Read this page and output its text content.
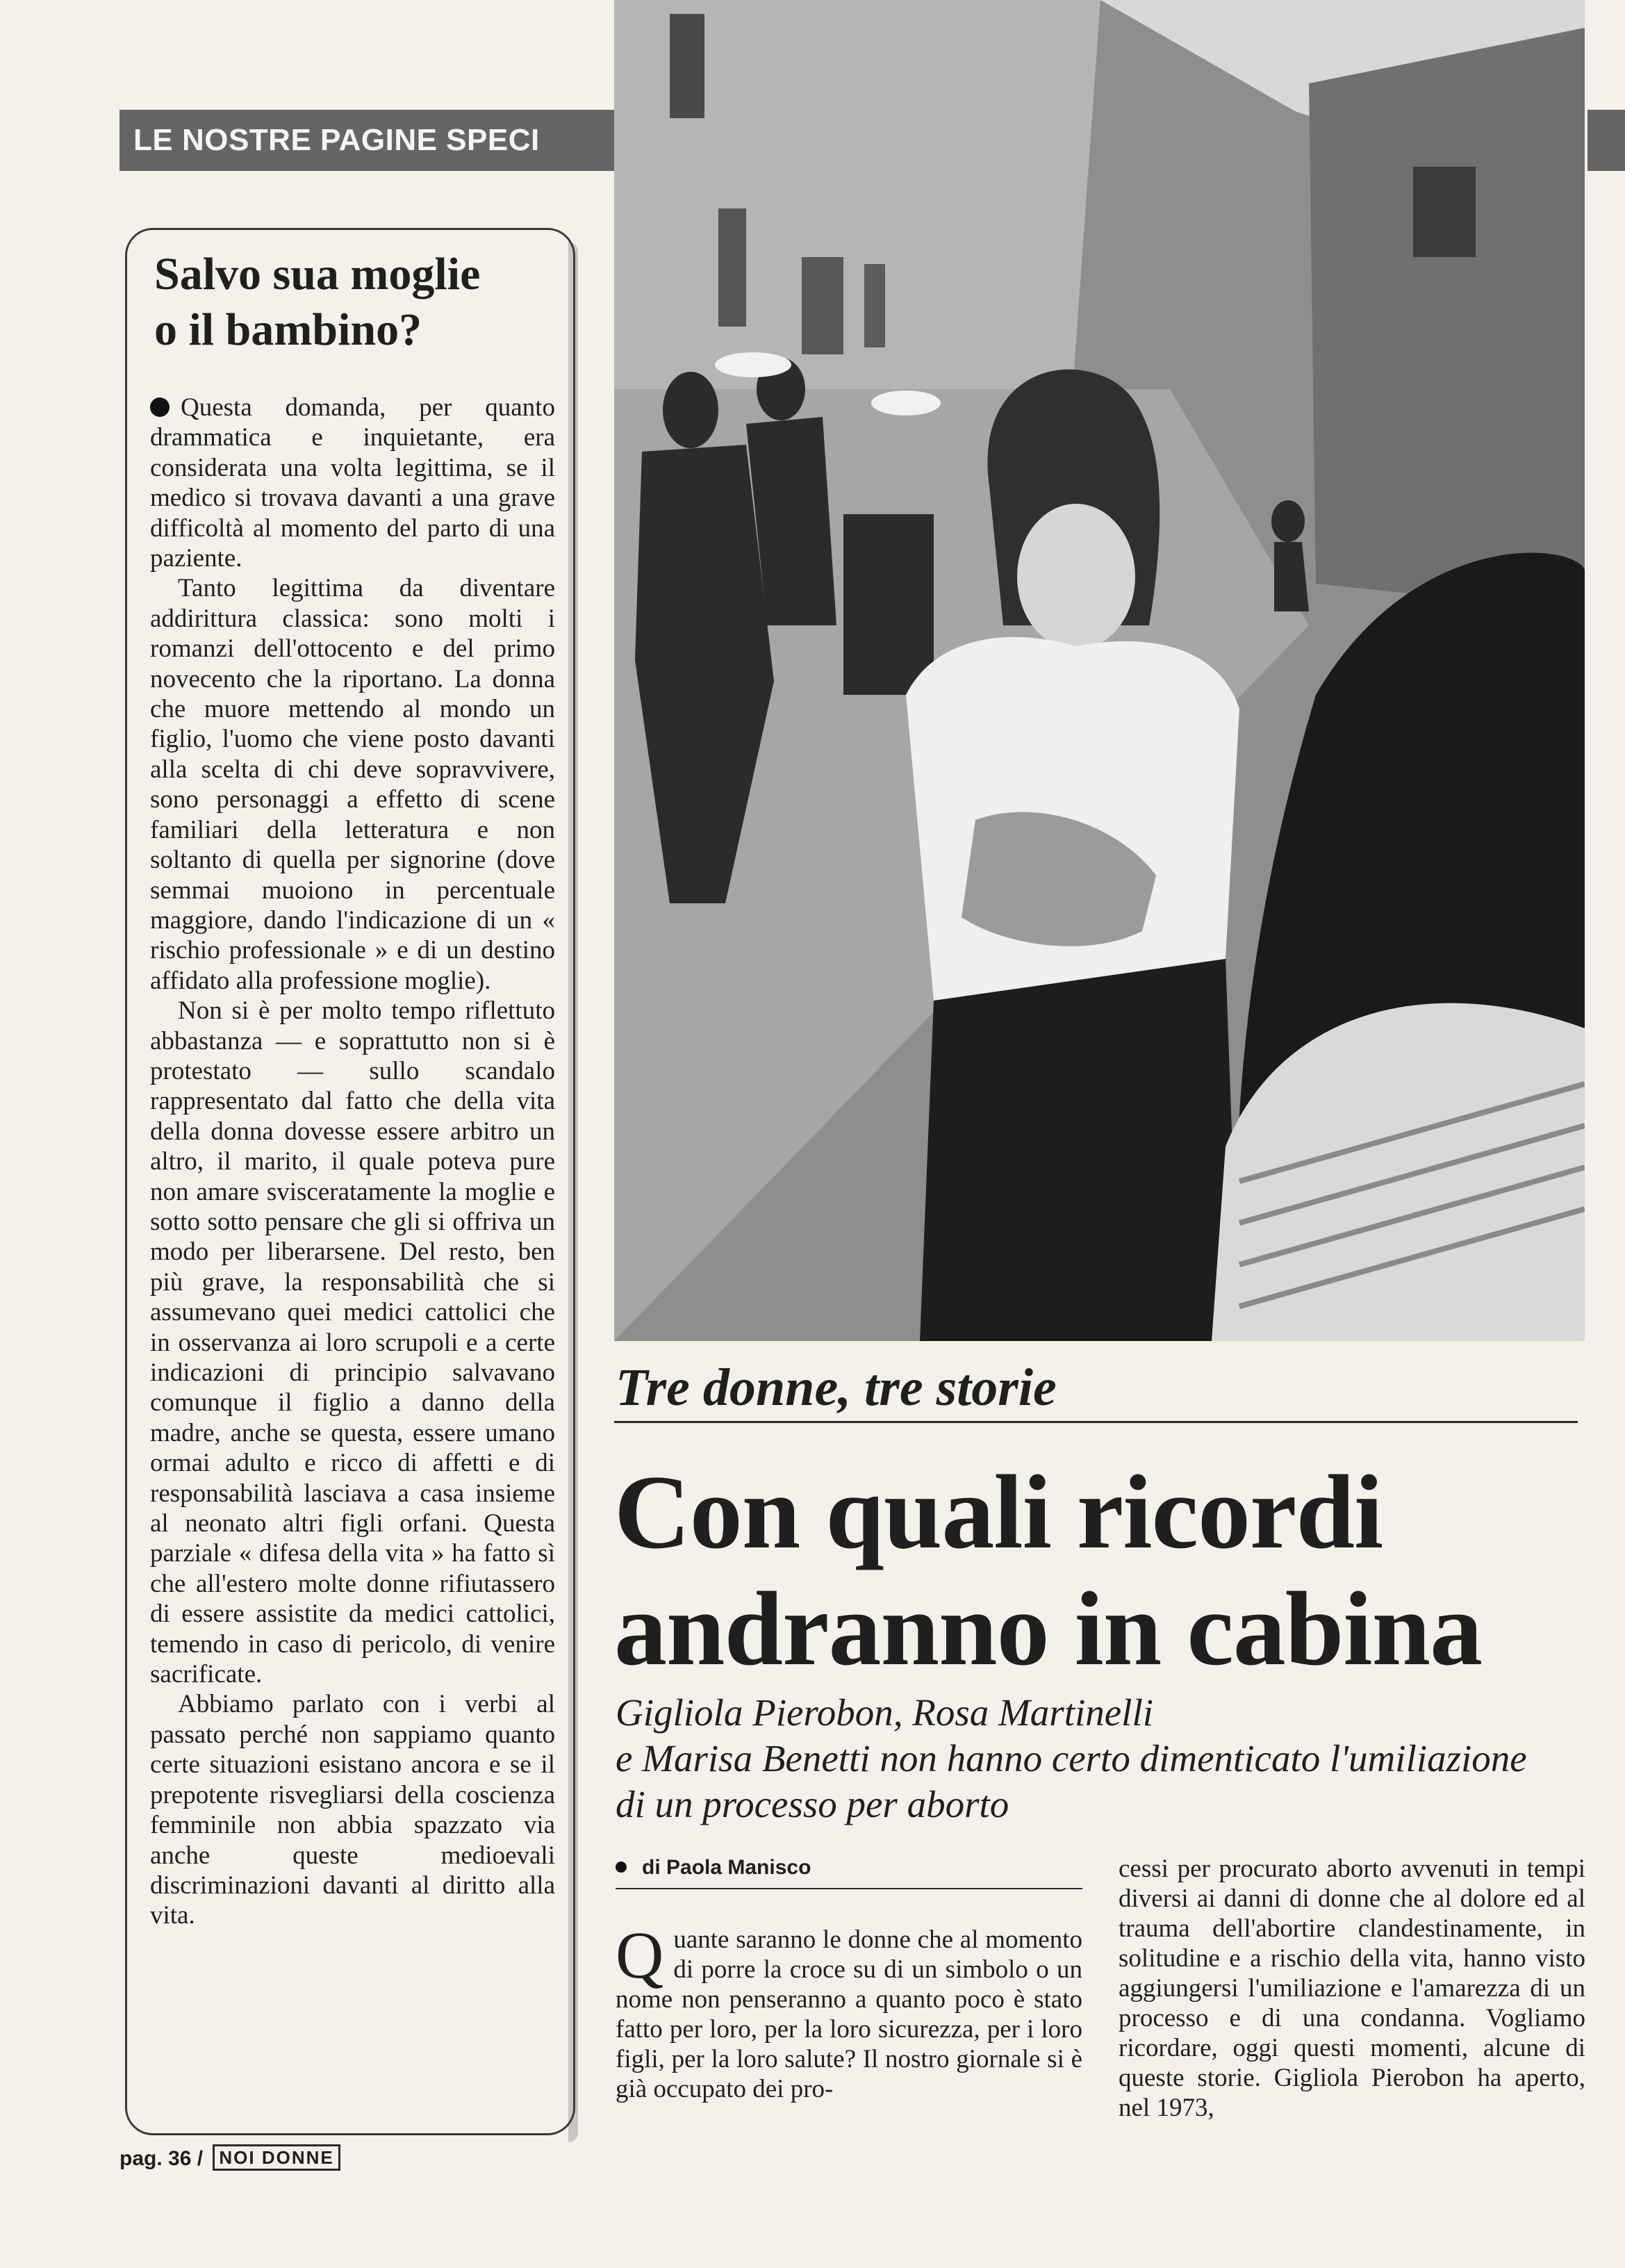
LE NOSTRE PAGINE SPECI
Salvo sua moglie
o il bambino?

Questa domanda, per quanto drammatica e inquietante, era considerata una volta legittima, se il medico si trovava davanti a una grave difficoltà al momento del parto di una paziente.

Tanto legittima da diventare addirittura classica: sono molti i romanzi dell'ottocento e del primo novecento che la riportano. La donna che muore mettendo al mondo un figlio, l'uomo che viene posto davanti alla scelta di chi deve sopravvivere, sono personaggi a effetto di scene familiari della letteratura e non soltanto di quella per signorine (dove semmai muoiono in percentuale maggiore, dando l'indicazione di un « rischio professionale » e di un destino affidato alla professione moglie).

Non si è per molto tempo riflettuto abbastanza — e soprattutto non si è protestato — sullo scandalo rappresentato dal fatto che della vita della donna dovesse essere arbitro un altro, il marito, il quale poteva pure non amare svisceratamente la moglie e sotto sotto pensare che gli si offriva un modo per liberarsene. Del resto, ben più grave, la responsabilità che si assumevano quei medici cattolici che in osservanza ai loro scrupoli e a certe indicazioni di principio salvavano comunque il figlio a danno della madre, anche se questa, essere umano ormai adulto e ricco di affetti e di responsabilità lasciava a casa insieme al neonato altri figli orfani. Questa parziale « difesa della vita » ha fatto sì che all'estero molte donne rifiutassero di essere assistite da medici cattolici, temendo in caso di pericolo, di venire sacrificate.

Abbiamo parlato con i verbi al passato perché non sappiamo quanto certe situazioni esistano ancora e se il prepotente risvegliarsi della coscienza femminile non abbia spazzato via anche queste medioevali discriminazioni davanti al diritto alla vita.

Tre donne, tre storie
Con quali ricordi
andranno in cabina

Gigliola Pierobon, Rosa Martinelli
e Marisa Benetti non hanno certo dimenticato l'umiliazione
di un processo per aborto

di Paola Manisco
Quante saranno le donne che al momento di porre la croce su di un simbolo o un nome non penseranno a quanto poco è stato fatto per loro, per la loro sicurezza, per i loro figli, per la loro salute? Il nostro giornale si è già occupato dei pro-

cessi per procurato aborto avvenuti in tempi diversi ai danni di donne che al dolore ed al trauma dell'abortire clandestinamente, in solitudine e a rischio della vita, hanno visto aggiungersi l'umiliazione e l'amarezza di un processo e di una condanna. Vogliamo ricordare, oggi questi momenti, alcune di queste storie. Gigliola Pierobon ha aperto, nel 1973,

pag. 36 / NOI DONNE
